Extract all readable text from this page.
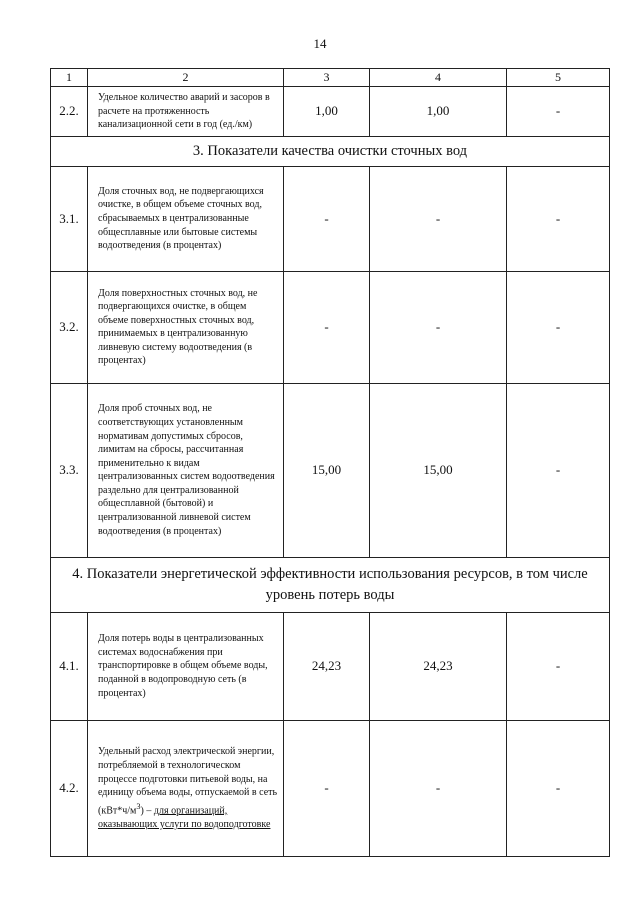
14
1	2	3	4	5
2.2.	Удельное количество аварий и засоров в расчете на протяженность канализационной сети в год (ед./км)	1,00	1,00	-
3. Показатели качества очистки сточных вод				
3.1.	Доля сточных вод, не подвергающихся очистке, в общем объеме сточных вод, сбрасываемых в централизованные общесплавные или бытовые системы водоотведения (в процентах)	-	-	-
3.2.	Доля поверхностных сточных вод, не подвергающихся очистке, в общем объеме поверхностных сточных вод, принимаемых в централизованную ливневую систему водоотведения (в процентах)	-	-	-
3.3.	Доля проб сточных вод, не соответствующих установленным нормативам допустимых сбросов, лимитам на сбросы, рассчитанная применительно к видам централизованных систем водоотведения раздельно для централизованной общесплавной (бытовой) и централизованной ливневой систем водоотведения (в процентах)	15,00	15,00	-
4. Показатели энергетической эффективности использования ресурсов, в том числе уровень потерь воды				
4.1.	Доля потерь воды в централизованных системах водоснабжения при транспортировке в общем объеме воды, поданной в водопроводную сеть (в процентах)	24,23	24,23	-
4.2.	Удельный расход электрической энергии, потребляемой в технологическом процессе подготовки питьевой воды, на единицу объема воды, отпускаемой в сеть $(кВт*ч/м^3)$ – для организаций, оказывающих услуги по водоподготовке	-	-	-
